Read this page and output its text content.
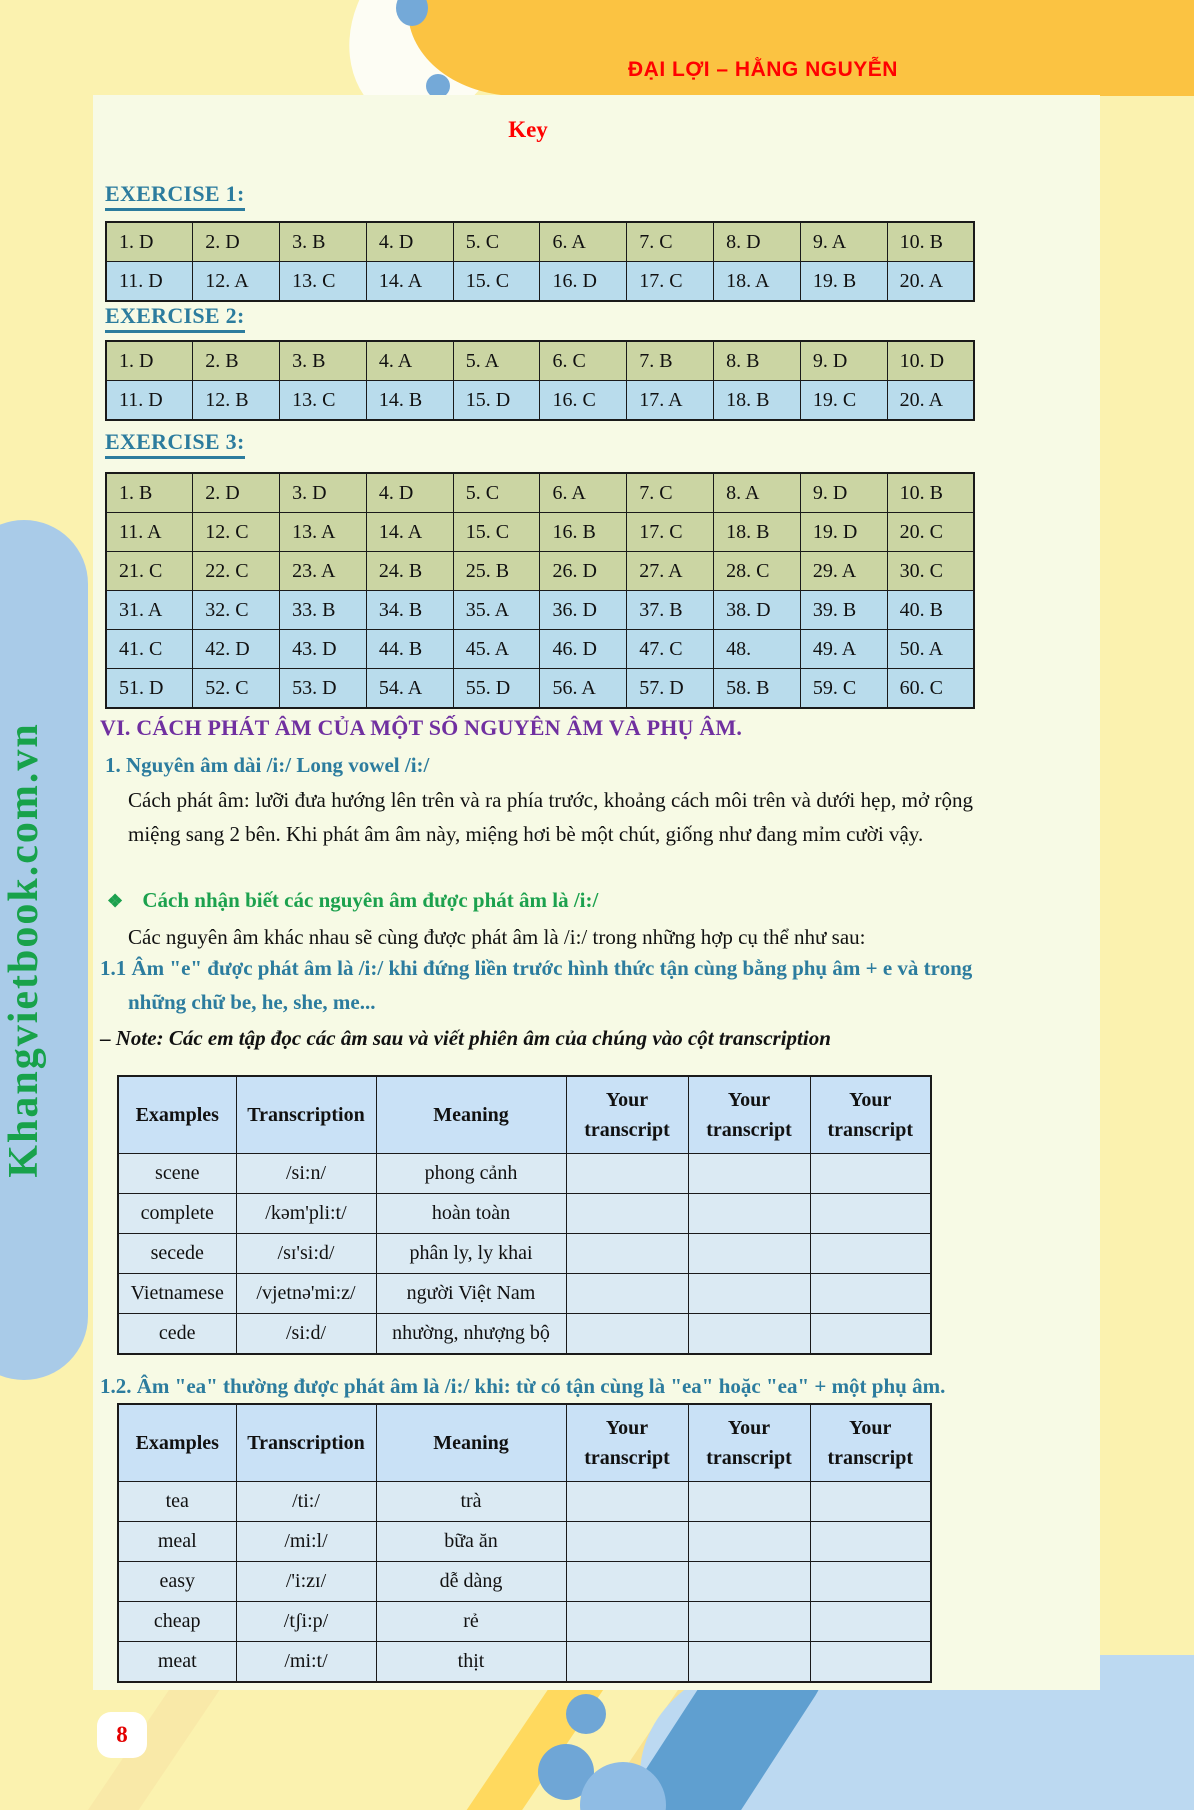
ĐẠI LỢI – HẰNG NGUYỄN
Khangvietbook.com.vn
8
Key
EXERCISE 1:
1. D	2. D	3. B	4. D	5. C	6. A	7. C	8. D	9. A	10. B
11. D	12. A	13. C	14. A	15. C	16. D	17. C	18. A	19. B	20. A
EXERCISE 2:
1. D	2. B	3. B	4. A	5. A	6. C	7. B	8. B	9. D	10. D
11. D	12. B	13. C	14. B	15. D	16. C	17. A	18. B	19. C	20. A
EXERCISE 3:
1. B	2. D	3. D	4. D	5. C	6. A	7. C	8. A	9. D	10. B
11. A	12. C	13. A	14. A	15. C	16. B	17. C	18. B	19. D	20. C
21. C	22. C	23. A	24. B	25. B	26. D	27. A	28. C	29. A	30. C
31. A	32. C	33. B	34. B	35. A	36. D	37. B	38. D	39. B	40. B
41. C	42. D	43. D	44. B	45. A	46. D	47. C	48.	49. A	50. A
51. D	52. C	53. D	54. A	55. D	56. A	57. D	58. B	59. C	60. C
VI. CÁCH PHÁT ÂM CỦA MỘT SỐ NGUYÊN ÂM VÀ PHỤ ÂM.
1. Nguyên âm dài /i:/ Long vowel /i:/
Cách phát âm: lưỡi đưa hướng lên trên và ra phía trước, khoảng cách môi trên và dưới hẹp, mở rộng miệng sang 2 bên. Khi phát âm âm này, miệng hơi bè một chút, giống như đang mỉm cười vậy.
❖ Cách nhận biết các nguyên âm được phát âm là /i:/
Các nguyên âm khác nhau sẽ cùng được phát âm là /i:/ trong những hợp cụ thể như sau:
1.1 Âm "e" được phát âm là /i:/ khi đứng liền trước hình thức tận cùng bằng phụ âm + e và trong những chữ be, he, she, me...
– Note: Các em tập đọc các âm sau và viết phiên âm của chúng vào cột transcription
Examples	Transcription	Meaning	Your transcript	Your transcript	Your transcript
scene	/si:n/	phong cảnh			
complete	/kəm'pli:t/	hoàn toàn			
secede	/sɪ'si:d/	phân ly, ly khai			
Vietnamese	/vjetnə'mi:z/	người Việt Nam			
cede	/si:d/	nhường, nhượng bộ			
1.2. Âm "ea" thường được phát âm là /i:/ khi: từ có tận cùng là "ea" hoặc "ea" + một phụ âm.
Examples	Transcription	Meaning	Your transcript	Your transcript	Your transcript
tea	/ti:/	trà			
meal	/mi:l/	bữa ăn			
easy	/'i:zɪ/	dễ dàng			
cheap	/tʃi:p/	rẻ			
meat	/mi:t/	thịt			
